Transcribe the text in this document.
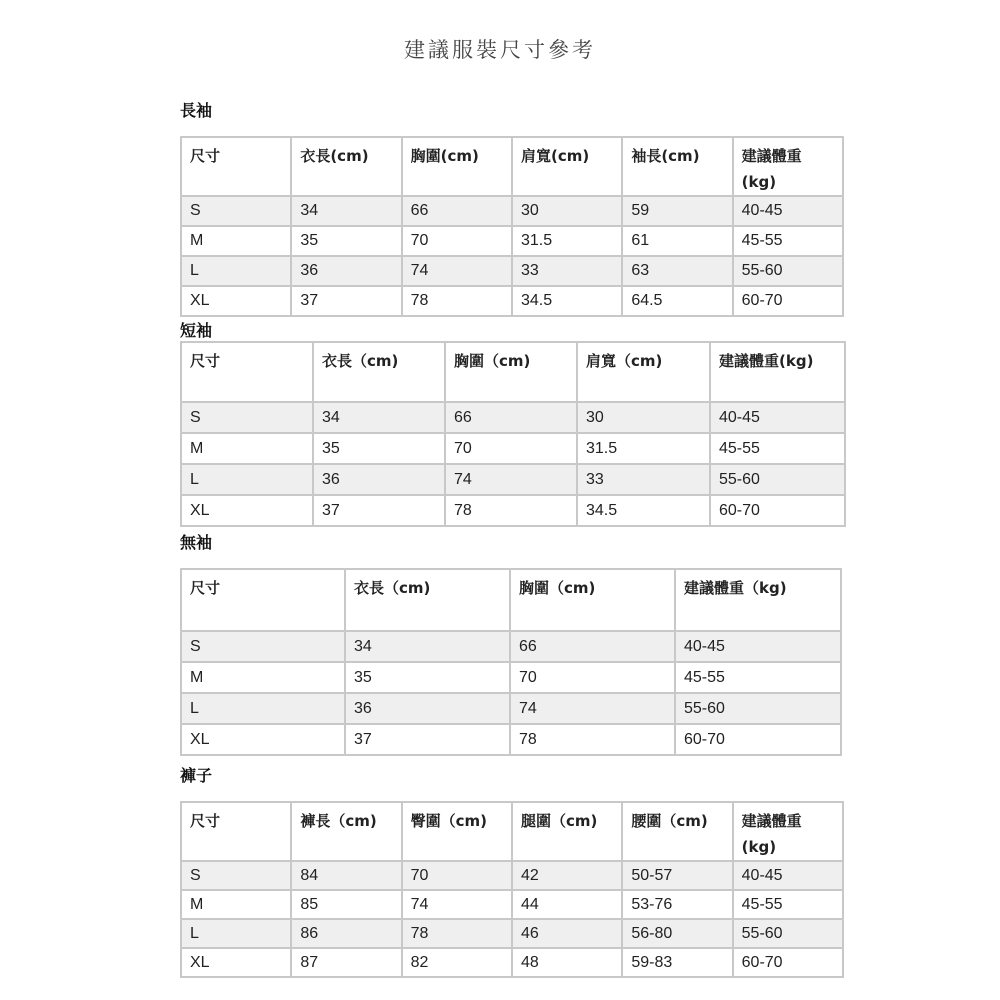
建議服裝尺寸參考
長袖
尺寸	衣長(cm)	胸圍(cm)	肩寬(cm)	袖長(cm)	建議體重(kg)
S	34	66	30	59	40-45
M	35	70	31.5	61	45-55
L	36	74	33	63	55-60
XL	37	78	34.5	64.5	60-70
短袖
尺寸	衣長（cm)	胸圍（cm)	肩寬（cm)	建議體重(kg)
S	34	66	30	40-45
M	35	70	31.5	45-55
L	36	74	33	55-60
XL	37	78	34.5	60-70
無袖
尺寸	衣長（cm)	胸圍（cm)	建議體重（kg)
S	34	66	40-45
M	35	70	45-55
L	36	74	55-60
XL	37	78	60-70
褲子
尺寸	褲長（cm)	臀圍（cm)	腿圍（cm)	腰圍（cm)	建議體重(kg)
S	84	70	42	50-57	40-45
M	85	74	44	53-76	45-55
L	86	78	46	56-80	55-60
XL	87	82	48	59-83	60-70
